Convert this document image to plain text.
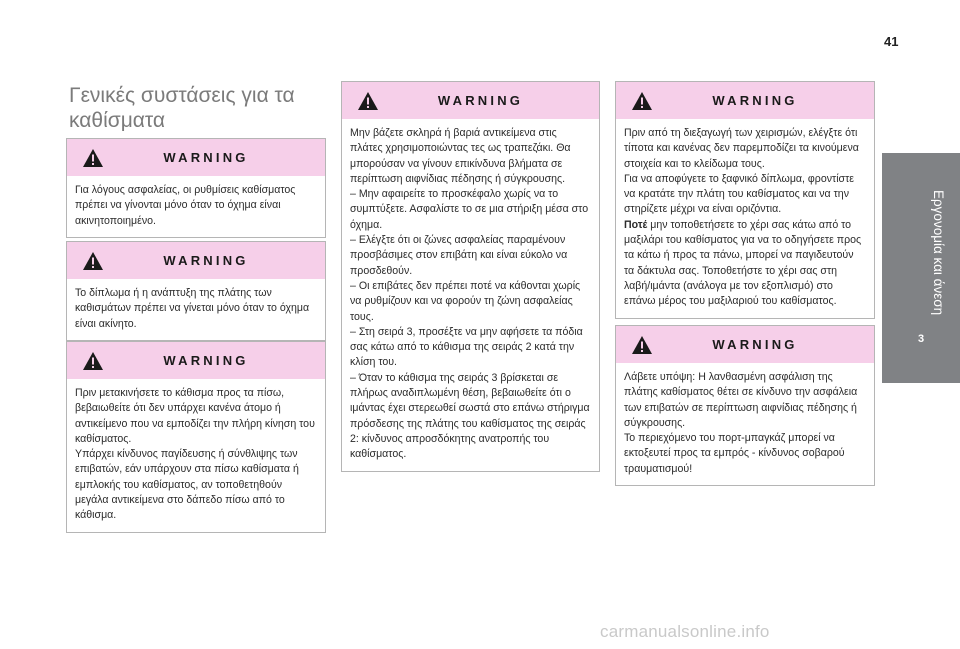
41
3
Εργονομία και άνεση
Γενικές συστάσεις για τα καθίσματα
WARNING

Για λόγους ασφαλείας, οι ρυθμίσεις καθίσματος πρέπει να γίνονται μόνο όταν το όχημα είναι ακινητοποιημένο.

WARNING

Το δίπλωμα ή η ανάπτυξη της πλάτης των καθισμάτων πρέπει να γίνεται μόνο όταν το όχημα είναι ακίνητο.

WARNING

Πριν μετακινήσετε το κάθισμα προς τα πίσω, βεβαιωθείτε ότι δεν υπάρχει κανένα άτομο ή αντικείμενο που να εμποδίζει την πλήρη κίνηση του καθίσματος.

Υπάρχει κίνδυνος παγίδευσης ή σύνθλιψης των επιβατών, εάν υπάρχουν στα πίσω καθίσματα ή εμπλοκής του καθίσματος, αν τοποθετηθούν μεγάλα αντικείμενα στο δάπεδο πίσω από το κάθισμα.

WARNING

Μην βάζετε σκληρά ή βαριά αντικείμενα στις πλάτες χρησιμοποιώντας τες ως τραπεζάκι. Θα μπορούσαν να γίνουν επικίνδυνα βλήματα σε περίπτωση αιφνίδιας πέδησης ή σύγκρουσης.

– Μην αφαιρείτε το προσκέφαλο χωρίς να το συμπτύξετε. Ασφαλίστε το σε μια στήριξη μέσα στο όχημα.

– Ελέγξτε ότι οι ζώνες ασφαλείας παραμένουν προσβάσιμες στον επιβάτη και είναι εύκολο να προσδεθούν.

– Οι επιβάτες δεν πρέπει ποτέ να κάθονται χωρίς να ρυθμίζουν και να φορούν τη ζώνη ασφαλείας τους.

– Στη σειρά 3, προσέξτε να μην αφήσετε τα πόδια σας κάτω από το κάθισμα της σειράς 2 κατά την κλίση του.

– Όταν το κάθισμα της σειράς 3 βρίσκεται σε πλήρως αναδιπλωμένη θέση, βεβαιωθείτε ότι ο ιμάντας έχει στερεωθεί σωστά στο επάνω στήριγμα πρόσδεσης της πλάτης του καθίσματος της σειράς 2: κίνδυνος απροσδόκητης ανατροπής του καθίσματος.

WARNING

Πριν από τη διεξαγωγή των χειρισμών, ελέγξτε ότι τίποτα και κανένας δεν παρεμποδίζει τα κινούμενα στοιχεία και το κλείδωμα τους.

Για να αποφύγετε το ξαφνικό δίπλωμα, φροντίστε να κρατάτε την πλάτη του καθίσματος και να την στηρίζετε μέχρι να είναι οριζόντια.

Ποτέ μην τοποθετήσετε το χέρι σας κάτω από το μαξιλάρι του καθίσματος για να το οδηγήσετε προς τα κάτω ή προς τα πάνω, μπορεί να παγιδευτούν τα δάκτυλα σας. Τοποθετήστε το χέρι σας στη λαβή/ιμάντα (ανάλογα με τον εξοπλισμό) στο επάνω μέρος του μαξιλαριού του καθίσματος.

WARNING

Λάβετε υπόψη: Η λανθασμένη ασφάλιση της πλάτης καθίσματος θέτει σε κίνδυνο την ασφάλεια των επιβατών σε περίπτωση αιφνίδιας πέδησης ή σύγκρουσης.

Το περιεχόμενο του πορτ-μπαγκάζ μπορεί να εκτοξευτεί προς τα εμπρός - κίνδυνος σοβαρού τραυματισμού!

carmanualsonline.info
